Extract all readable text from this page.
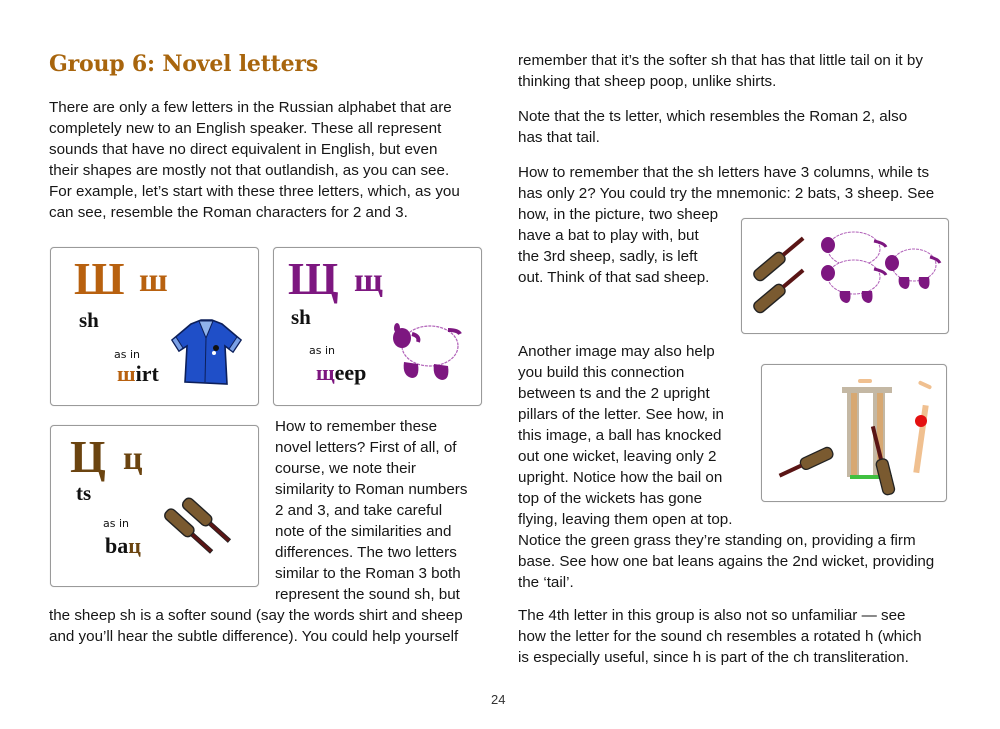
Group 6: Novel letters
There are only a few letters in the Russian alphabet that are
completely new to an English speaker. These all represent
sounds that have no direct equivalent in English, but even
their shapes are mostly not that outlandish, as you can see.
For example, let’s start with these three letters, which, as you
can see, resemble the Roman characters for 2 and 3.
Ш ш
sh
as in
шirt
Щ щ
sh
as in
щeep
Ц ц
ts
as in
baц
How to remember these
novel letters? First of all, of
course, we note their
similarity to Roman numbers
2 and 3, and take careful
note of the similarities and
differences. The two letters
similar to the Roman 3 both
represent the sound sh, but
the sheep sh is a softer sound (say the words shirt and sheep
and you’ll hear the subtle difference). You could help yourself
remember that it’s the softer sh that has that little tail on it by
thinking that sheep poop, unlike shirts.
Note that the ts letter, which resembles the Roman 2, also
has that tail.
How to remember that the sh letters have 3 columns, while ts
has only 2? You could try the mnemonic: 2 bats, 3 sheep. See
how, in the picture, two sheep
have a bat to play with, but
the 3rd sheep, sadly, is left
out. Think of that sad sheep.
Another image may also help
you build this connection
between ts and the 2 upright
pillars of the letter. See how, in
this image, a ball has knocked
out one wicket, leaving only 2
upright. Notice how the bail on
top of the wickets has gone
flying, leaving them open at top.
Notice the green grass they’re standing on, providing a firm
base. See how one bat leans agains the 2nd wicket, providing
the ‘tail’.
The 4th letter in this group is also not so unfamiliar — see
how the letter for the sound ch resembles a rotated h (which
is especially useful, since h is part of the ch transliteration.
24
